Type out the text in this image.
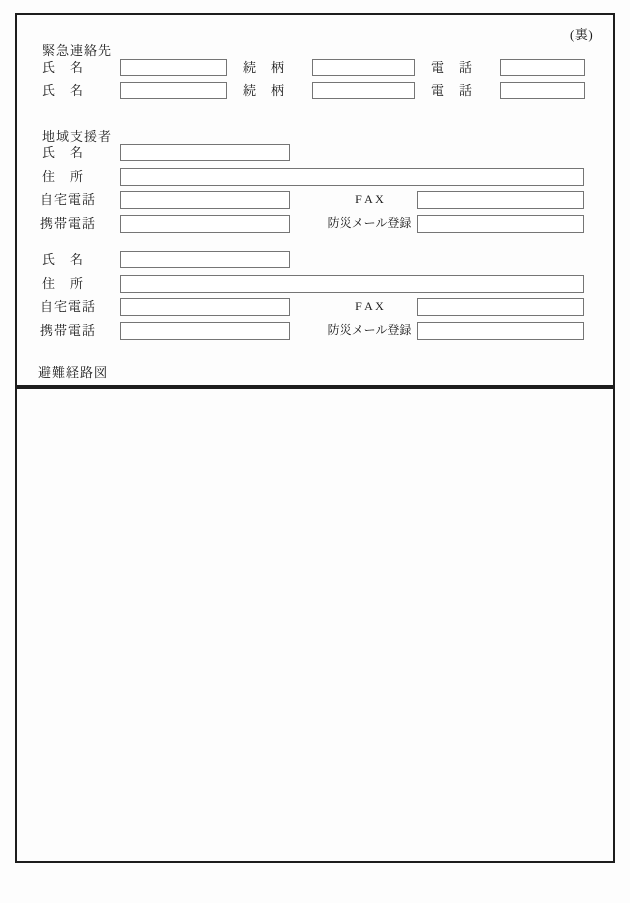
(裏)
緊急連絡先
氏　名	続　柄	電　話
氏　名	続　柄	電　話
地域支援者
氏　名
住　所
自宅電話	F A X
携帯電話	防災メール登録
氏　名
住　所
自宅電話	F A X
携帯電話	防災メール登録
避難経路図
